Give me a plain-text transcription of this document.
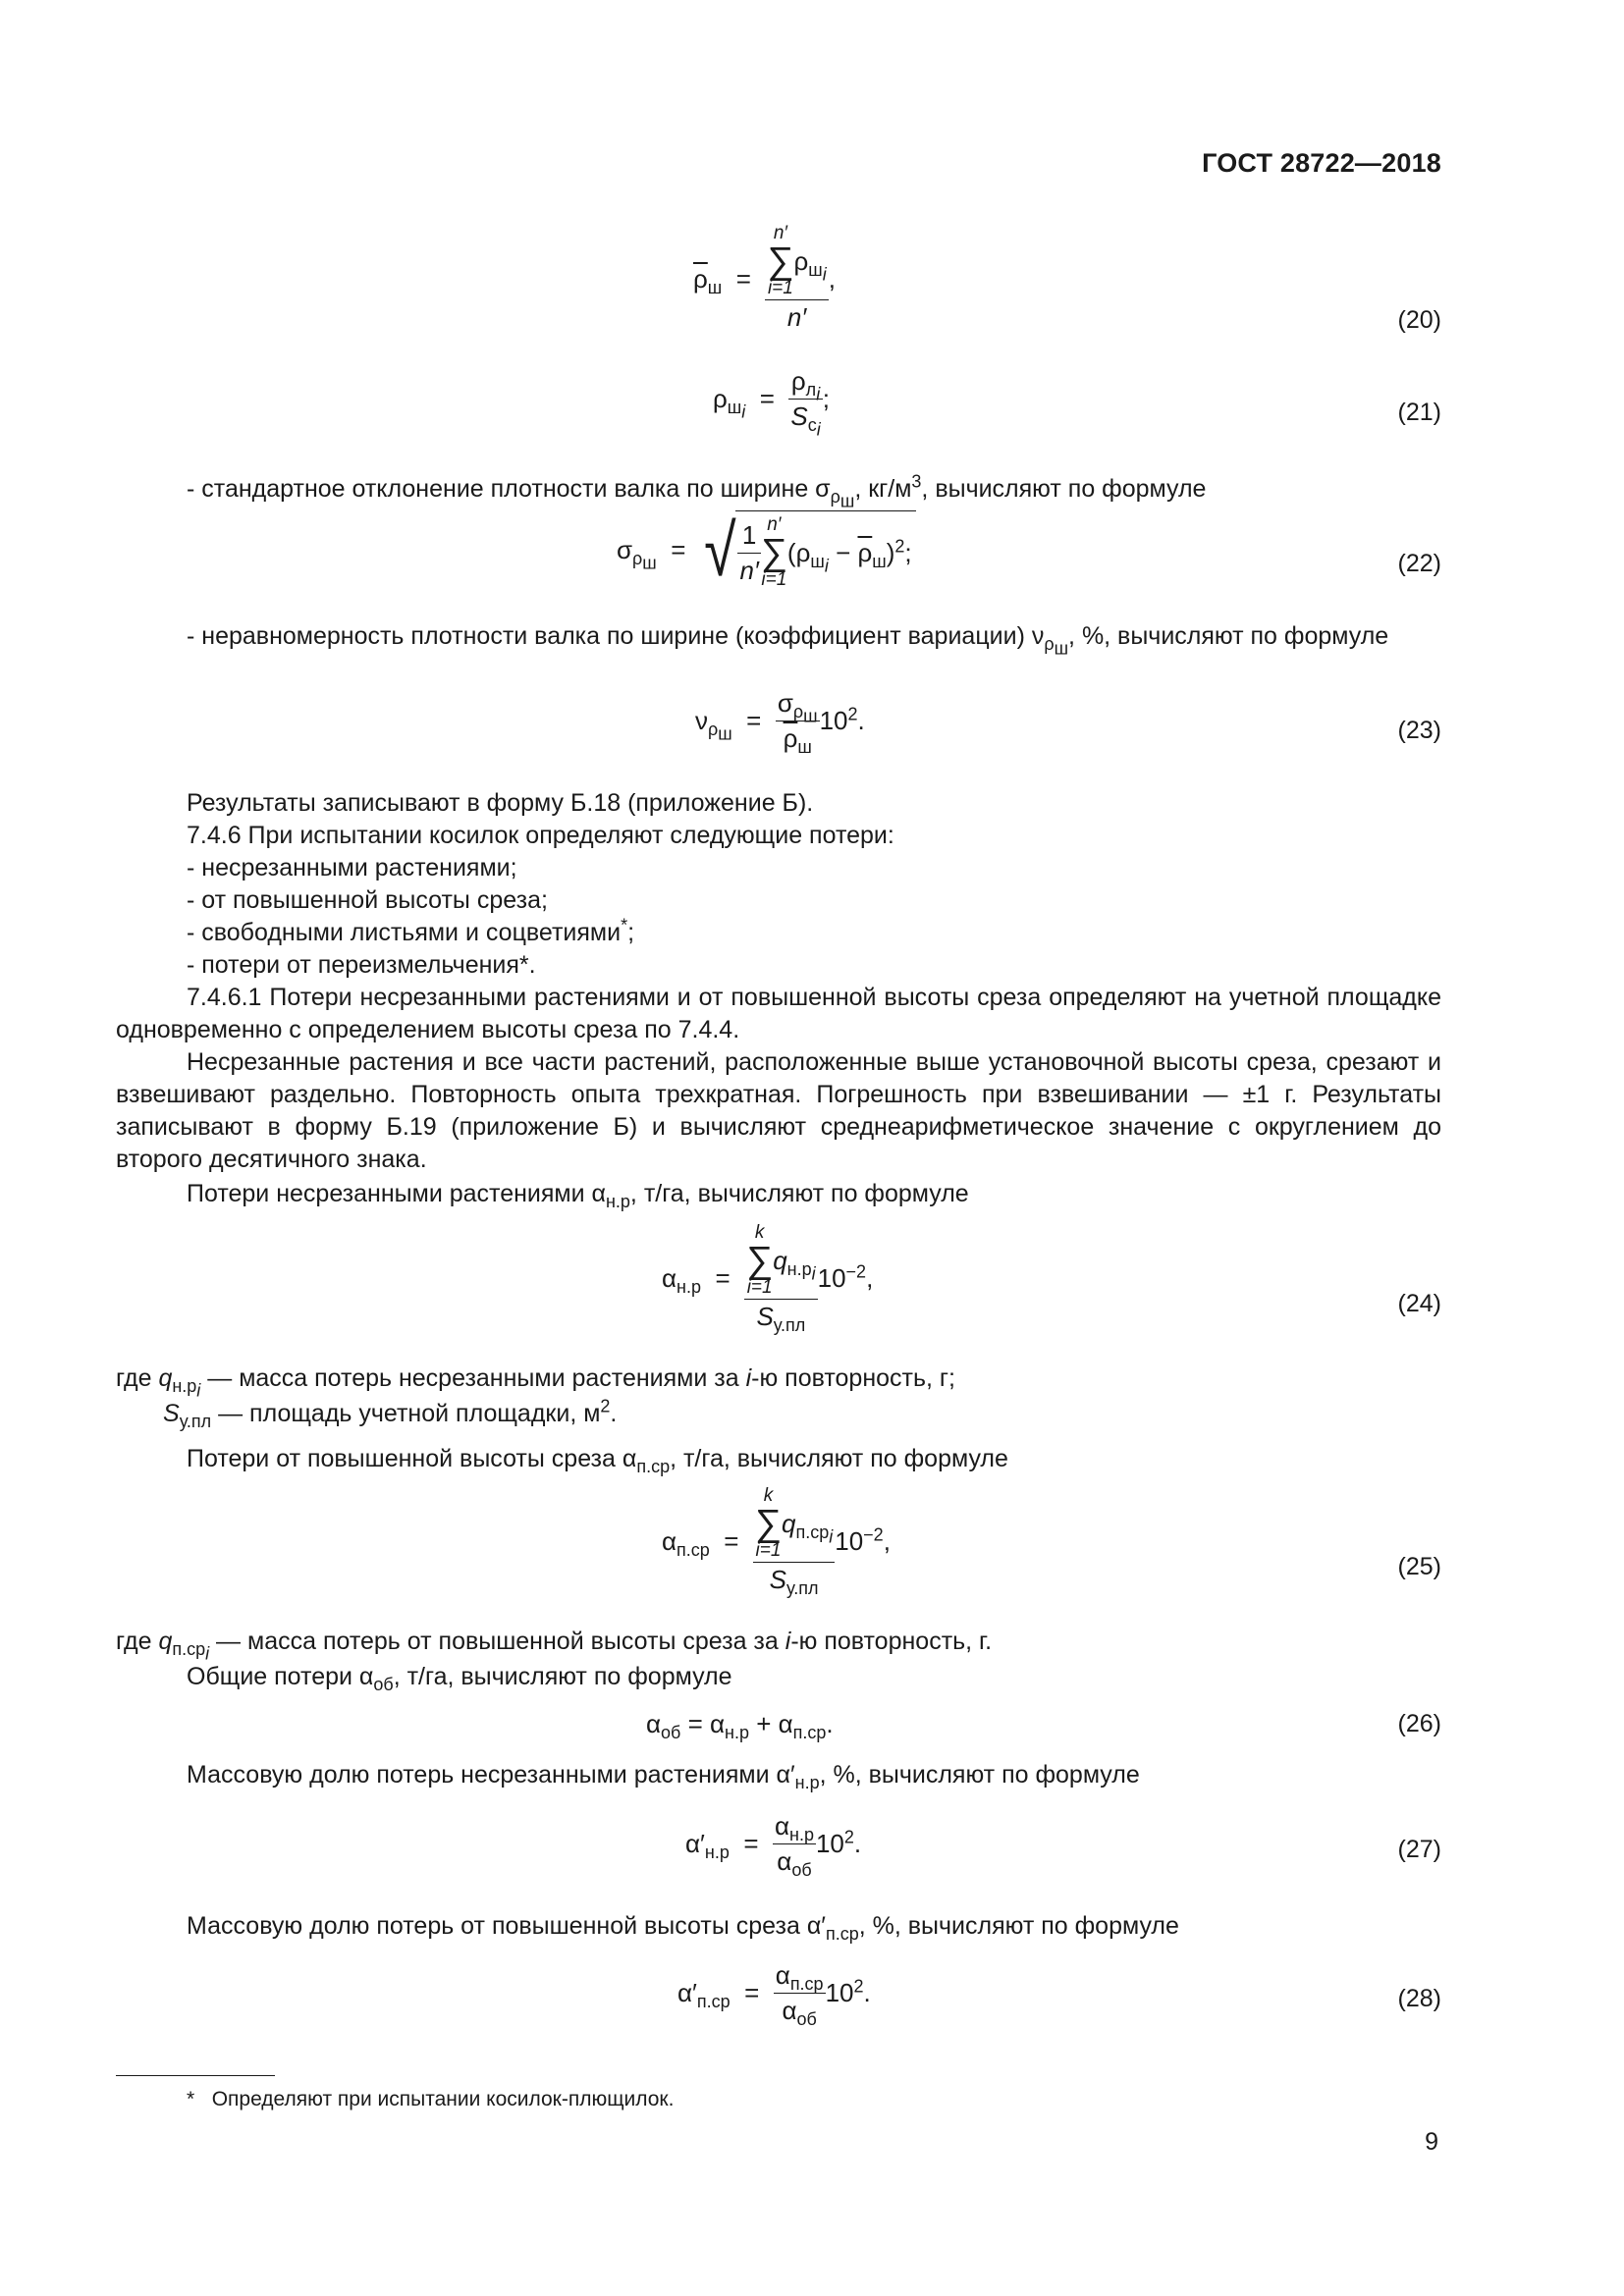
ГОСТ 28722—2018
$\overline{\rho}_ш = n'$
∑
i=1
$\rho_{ш_i}$
n′ ,
(20)
$\rho_{ш_i} = \frac{\rho_{л_i}}{S_{c_i}}$ ;	(21)
- стандартное отклонение плотности валка по ширине $\sigma_{\rho_ш}$, $кг/м^3$, вычисляют по формуле
$\sigma_{\rho_ш}$  =  √ $\frac{1}{n'} n'$
∑
i=1
$(\rho_{ш_i} - \overline{\rho}_ш)^2$;	(22)
- неравномерность плотности валка по ширине (коэффициент вариации) $\nu_{\rho_ш}$, %, вычисляют по формуле
$\nu_{\rho_ш} = \frac{\sigma_{\rho_ш}}{\overline{\rho}_ш} 10^2$.	(23)
Результаты записывают в форму Б.18 (приложение Б).
7.4.6 При испытании косилок определяют следующие потери:
- несрезанными растениями;
- от повышенной высоты среза;
- свободными листьями и соцветиями*;
- потери от переизмельчения*.
7.4.6.1 Потери несрезанными растениями и от повышенной высоты среза определяют на учетной площадке одновременно с определением высоты среза по 7.4.4.
Несрезанные растения и все части растений, расположенные выше установочной высоты среза, срезают и взвешивают раздельно. Повторность опыта трехкратная. Погрешность при взвешивании — ±1 г. Результаты записывают в форму Б.19 (приложение Б) и вычисляют среднеарифметическое значение с округлением до второго десятичного знака.
Потери несрезанными растениями $\alpha_{н.р}$, т/га, вычисляют по формуле
$\alpha_{н.р} = k$
∑
i=1
$q_{н.р_i}$
$S_{у.пл}$ $10^{-2}$,
(24)
где $q_{н.р_i}$ — масса потерь несрезанными растениями за i-ю повторность, г;
$S_{у.пл}$ — площадь учетной площадки, $м^2$.
Потери от повышенной высоты среза $\alpha_{п.ср}$, т/га, вычисляют по формуле
$\alpha_{п.ср} = k$
∑
i=1
$q_{п.ср_i}$
$S_{у.пл}$ $10^{-2}$,
(25)
где $q_{п.ср_i}$ — масса потерь от повышенной высоты среза за i-ю повторность, г.
Общие потери $\alpha_{об}$, т/га, вычисляют по формуле
$\alpha_{об} = \alpha_{н.р} + \alpha_{п.ср}$.	(26)
Массовую долю потерь несрезанными растениями $\alpha'_{н.р}$, %, вычисляют по формуле
$\alpha'_{н.р} = \frac{\alpha_{н.р}}{\alpha_{об}} 10^2$.	(27)
Массовую долю потерь от повышенной высоты среза $\alpha'_{п.ср}$, %, вычисляют по формуле
$\alpha'_{п.ср} = \frac{\alpha_{п.ср}}{\alpha_{об}} 10^2$.	(28)
* Определяют при испытании косилок-плющилок.
9
